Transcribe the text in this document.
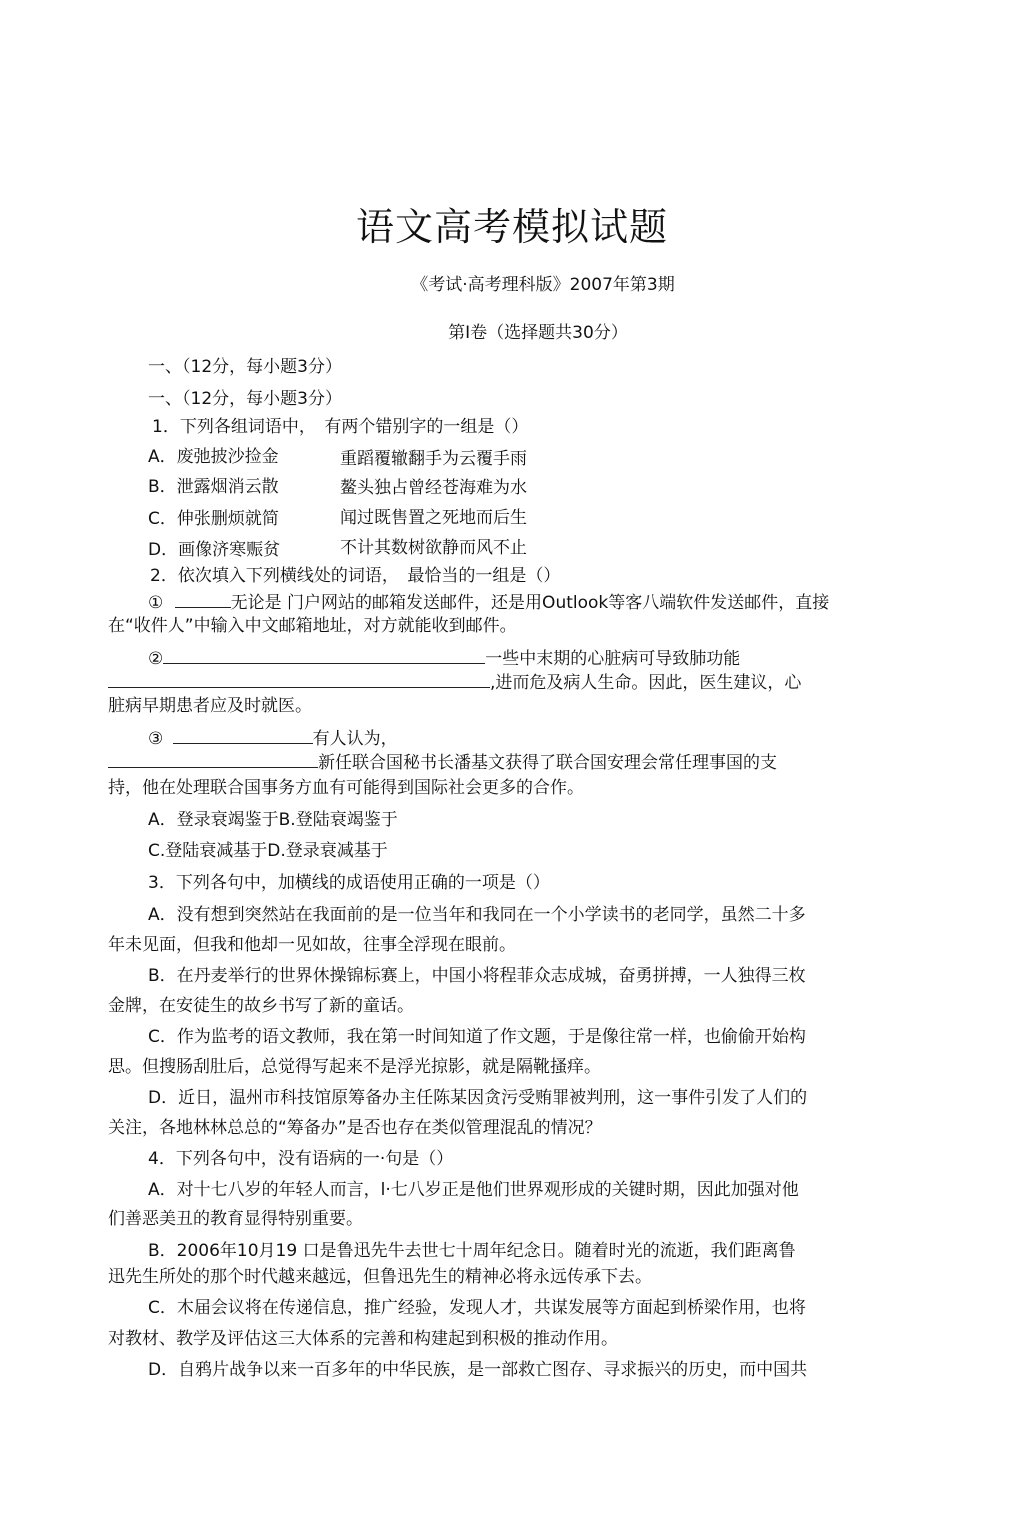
语文高考模拟试题
《考试·高考理科版》2007年第3期
第Ⅰ卷（选择题共30分）
一、（12分，每小题3分）
一、（12分，每小题3分）
1．下列各组词语中，　有两个错别字的一组是（）
A．废弛披沙捡金	重蹈覆辙翻手为云覆手雨
B．泄露烟消云散	鳌头独占曾经苍海难为水
C．伸张删烦就简	闻过既售置之死地而后生
D．画像济寒赈贫	不计其数树欲静而风不止
2．依次填入下列横线处的词语，　最恰当的一组是（）
①	无论是 门户网站的邮箱发送邮件，还是用Outlook等客八端软件发送邮件，直接
在“收件人”中输入中文邮箱地址，对方就能收到邮件。
②	一些中末期的心脏病可导致肺功能
,进而危及病人生命。因此，医生建议，心
脏病早期患者应及时就医。
③	有人认为，
新任联合国秘书长潘基文获得了联合国安理会常任理事国的支
持，他在处理联合国事务方血有可能得到国际社会更多的合作。
A．登录衰竭鉴于B.登陆衰竭鉴于
C.登陆衰减基于D.登录衰减基于
3．下列各句中，加横线的成语使用正确的一项是（）
A．没有想到突然站在我面前的是一位当年和我同在一个小学读书的老同学，虽然二十多
年未见面，但我和他却一见如故，往事全浮现在眼前。
B．在丹麦举行的世界休操锦标赛上，中国小将程菲众志成城，奋勇拼搏，一人独得三枚
金牌，在安徒生的故乡书写了新的童话。
C．作为监考的语文教师，我在第一时间知道了作文题，于是像往常一样，也偷偷开始构
思。但搜肠刮肚后，总觉得写起来不是浮光掠影，就是隔靴搔痒。
D．近日，温州市科技馆原筹备办主任陈某因贪污受贿罪被判刑，这一事件引发了人们的
关注，各地林林总总的“筹备办”是否也存在类似管理混乱的情况？
4．下列各句中，没有语病的一·句是（）
A．对十七八岁的年轻人而言，l·七八岁正是他们世界观形成的关键时期，因此加强对他
们善恶美丑的教育显得特别重要。
B．2006年10月19 口是鲁迅先牛去世七十周年纪念日。随着时光的流逝，我们距离鲁
迅先生所处的那个时代越来越远，但鲁迅先生的精神必将永远传承下去。
C．木届会议将在传递信息，推广经验，发现人才，共谋发展等方面起到桥梁作用，也将
对教材、教学及评估这三大体系的完善和构建起到积极的推动作用。
D．自鸦片战争以来一百多年的中华民族，是一部救亡图存、寻求振兴的历史，而中国共
